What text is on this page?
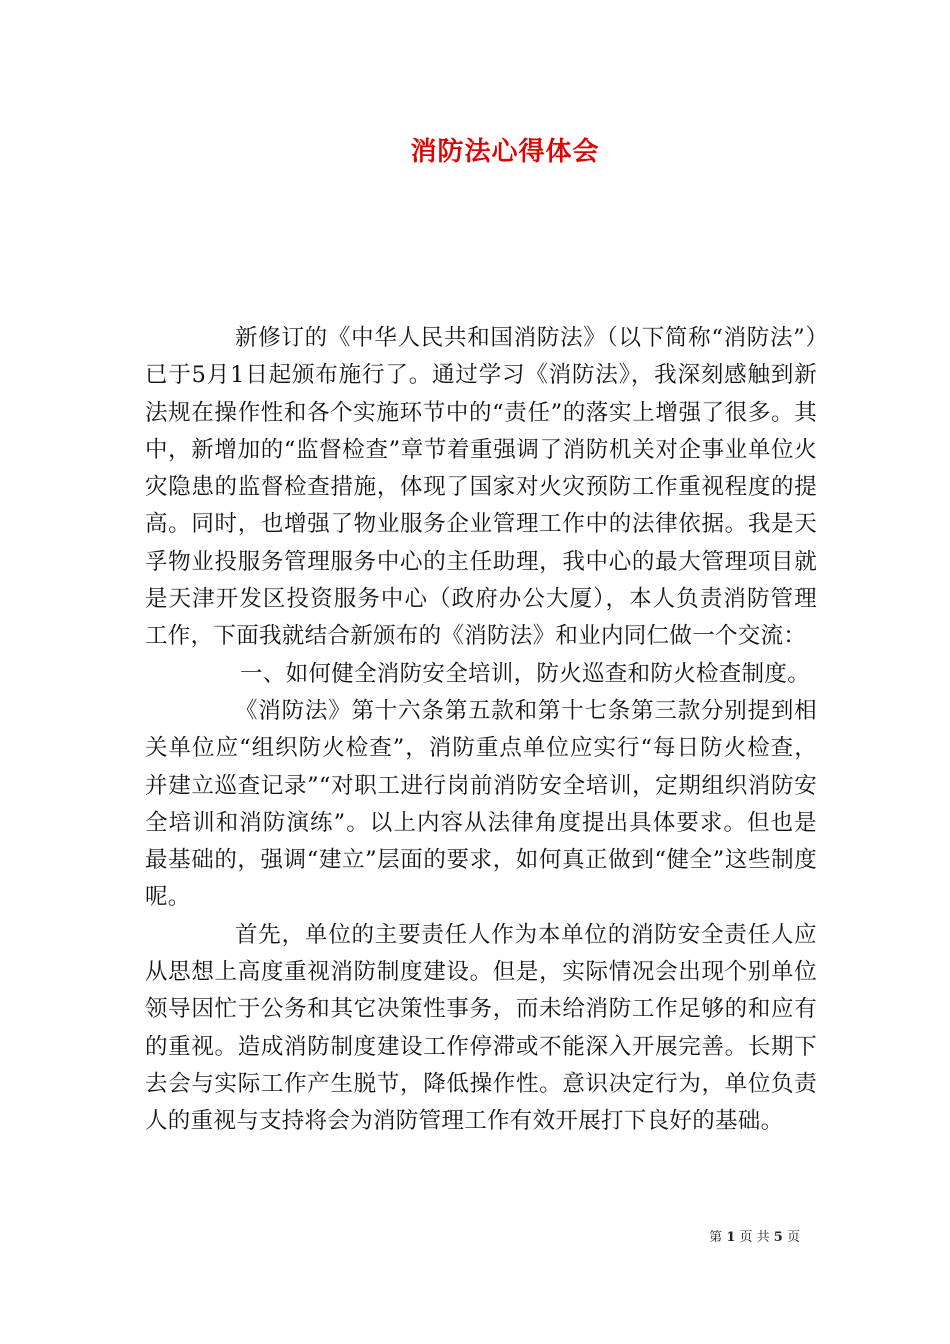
消防法心得体会

新修订的《中华人民共和国消防法》（以下简称“消防法”）已于5月1日起颁布施行了。通过学习《消防法》，我深刻感触到新法规在操作性和各个实施环节中的“责任”的落实上增强了很多。其中，新增加的“监督检查”章节着重强调了消防机关对企事业单位火灾隐患的监督检查措施，体现了国家对火灾预防工作重视程度的提高。同时，也增强了物业服务企业管理工作中的法律依据。我是天孚物业投服务管理服务中心的主任助理，我中心的最大管理项目就是天津开发区投资服务中心（政府办公大厦），本人负责消防管理工作，下面我就结合新颁布的《消防法》和业内同仁做一个交流：

一、如何健全消防安全培训，防火巡查和防火检查制度。

《消防法》第十六条第五款和第十七条第三款分别提到相关单位应“组织防火检查”，消防重点单位应实行“每日防火检查，并建立巡查记录”“对职工进行岗前消防安全培训，定期组织消防安全培训和消防演练”。以上内容从法律角度提出具体要求。但也是最基础的，强调“建立”层面的要求，如何真正做到“健全”这些制度呢。

首先，单位的主要责任人作为本单位的消防安全责任人应从思想上高度重视消防制度建设。但是，实际情况会出现个别单位领导因忙于公务和其它决策性事务，而未给消防工作足够的和应有的重视。造成消防制度建设工作停滞或不能深入开展完善。长期下去会与实际工作产生脱节，降低操作性。意识决定行为，单位负责人的重视与支持将会为消防管理工作有效开展打下良好的基础。

第 1 页 共 5 页
